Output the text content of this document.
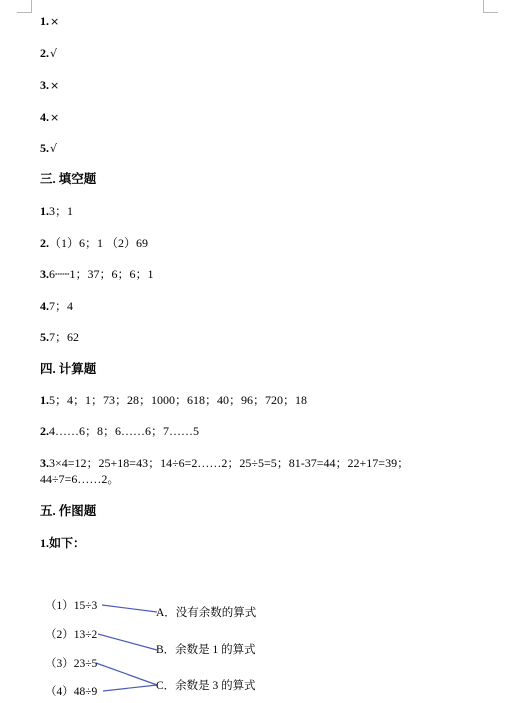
1.×
2.√
3.×
4.×
5.√
三. 填空题
1.3；1
2.（1）6；1 （2）69
3.6┄┄1；37；6；6；1
4.7；4
5.7；62
四. 计算题
1.5；4；1；73；28；1000；618；40；96；720；18
2.4……6；8；6……6；7……5
3.3×4=12；25+18=43；14÷6=2……2；25÷5=5；81-37=44；22+17=39；
44÷7=6……2。
五. 作图题
1.如下：
（1）15÷3
（2）13÷2
（3）23÷5
（4）48÷9
A．没有余数的算式
B．余数是 1 的算式
C．余数是 3 的算式
